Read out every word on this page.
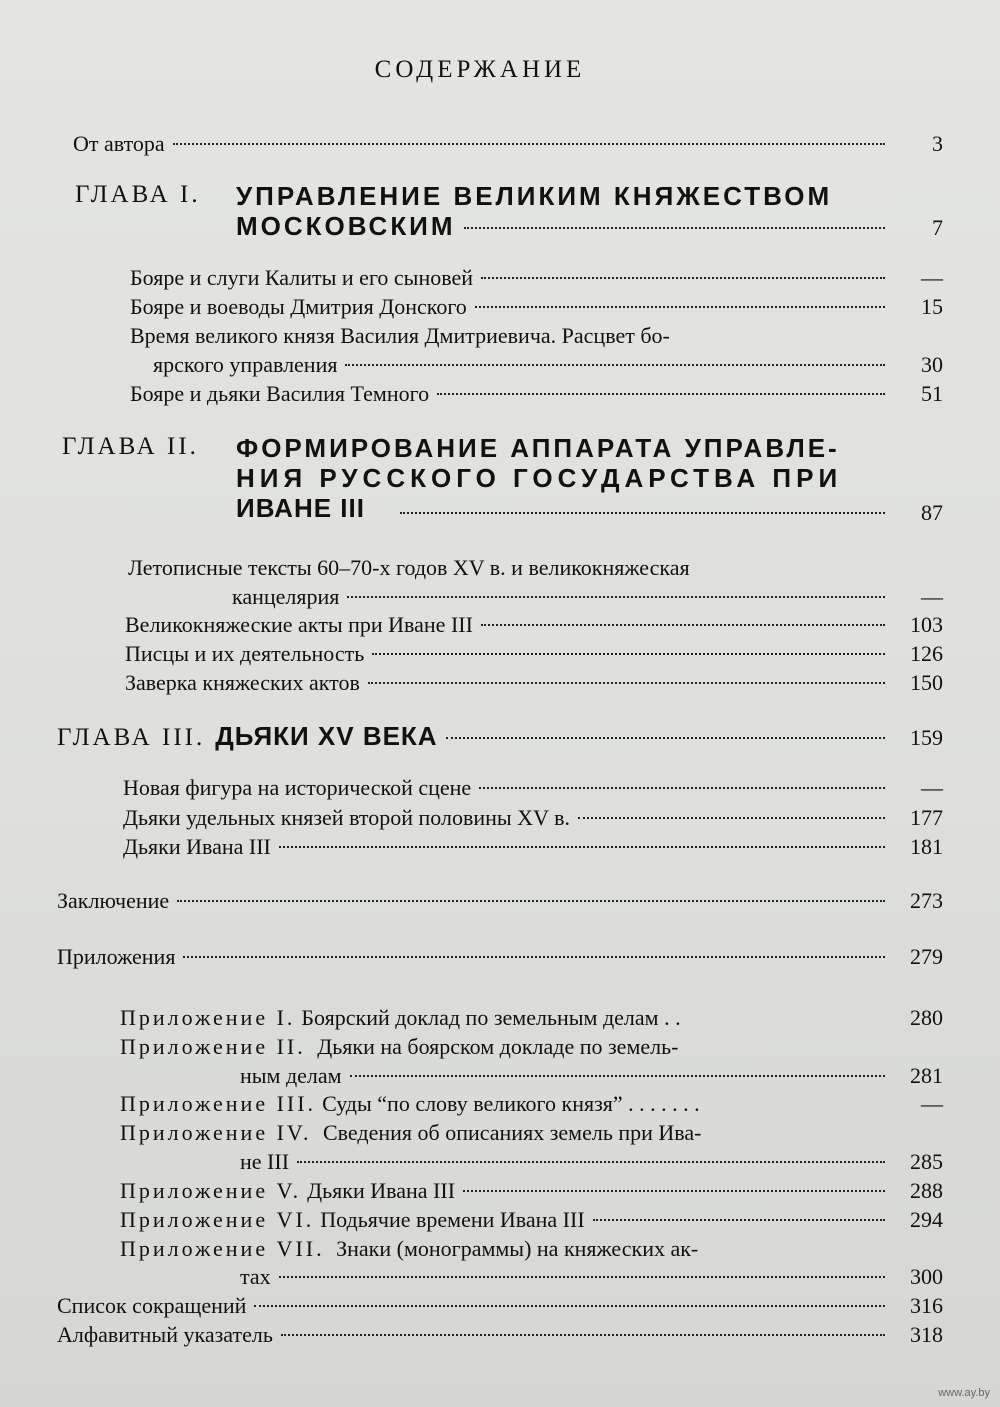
СОДЕРЖАНИЕ
От автора	3
ГЛАВА I. УПРАВЛЕНИЕ ВЕЛИКИМ КНЯЖЕСТВОМ
МОСКОВСКИМ	7
Бояре и слуги Калиты и его сыновей	—
Бояре и воеводы Дмитрия Донского	15
Время великого князя Василия Дмитриевича. Расцвет бо-
ярского управления	30
Бояре и дьяки Василия Темного	51
ГЛАВА II. ФОРМИРОВАНИЕ АППАРАТА УПРАВЛЕ-
НИЯ РУССКОГО ГОСУДАРСТВА ПРИ
ИВАНЕ III	87
Летописные тексты 60–70-х годов XV в. и великокняжеская
канцелярия	—
Великокняжеские акты при Иване III	103
Писцы и их деятельность	126
Заверка княжеских актов	150
ГЛАВА III. ДЬЯКИ XV ВЕКА	159
Новая фигура на исторической сцене	—
Дьяки удельных князей второй половины XV в.	177
Дьяки Ивана III	181
Заключение	273
Приложения	279
Приложение I. Боярский доклад по земельным делам . .	280
Приложение II. Дьяки на боярском докладе по земель-
ным делам	281
Приложение III. Суды “по слову великого князя” . . . . . . .	—
Приложение IV. Сведения об описаниях земель при Ива-
не III	285
Приложение V. Дьяки Ивана III	288
Приложение VI. Подьячие времени Ивана III	294
Приложение VII. Знаки (монограммы) на княжеских ак-
тах	300
Список сокращений	316
Алфавитный указатель	318
www.ay.by
